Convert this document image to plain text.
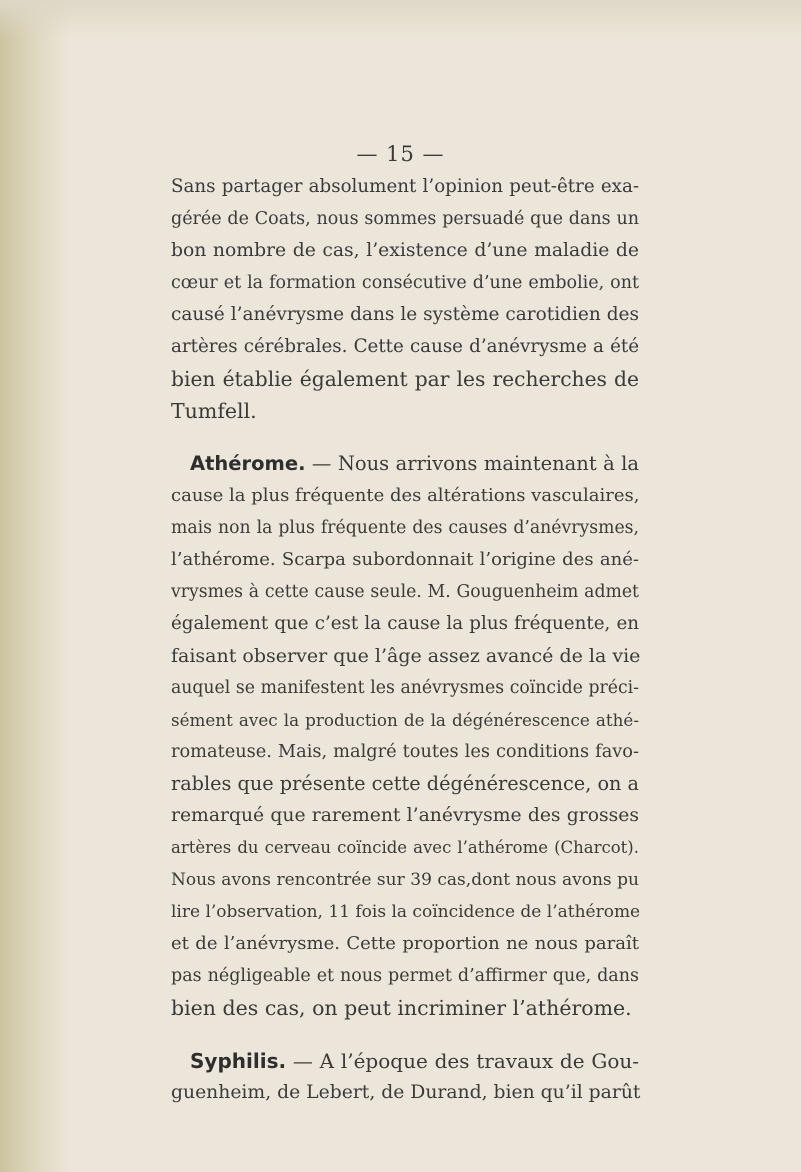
— 15 —
Sans partager absolument l’opinion peut-être exa-
gérée de Coats, nous sommes persuadé que dans un
bon nombre de cas, l’existence d’une maladie de
cœur et la formation consécutive d’une embolie, ont
causé l’anévrysme dans le système carotidien des
artères cérébrales. Cette cause d’anévrysme a été
bien établie également par les recherches de
Tumfell.
Athérome. — Nous arrivons maintenant à la
cause la plus fréquente des altérations vasculaires,
mais non la plus fréquente des causes d’anévrysmes,
l’athérome. Scarpa subordonnait l’origine des ané-
vrysmes à cette cause seule. M. Gouguenheim admet
également que c’est la cause la plus fréquente, en
faisant observer que l’âge assez avancé de la vie
auquel se manifestent les anévrysmes coïncide préci-
sément avec la production de la dégénérescence athé-
romateuse. Mais, malgré toutes les conditions favo-
rables que présente cette dégénérescence, on a
remarqué que rarement l’anévrysme des grosses
artères du cerveau coïncide avec l’athérome (Charcot).
Nous avons rencontrée sur 39 cas,dont nous avons pu
lire l’observation, 11 fois la coïncidence de l’athérome
et de l’anévrysme. Cette proportion ne nous paraît
pas négligeable et nous permet d’affirmer que, dans
bien des cas, on peut incriminer l’athérome.
Syphilis. — A l’époque des travaux de Gou-
guenheim, de Lebert, de Durand, bien qu’il parût
